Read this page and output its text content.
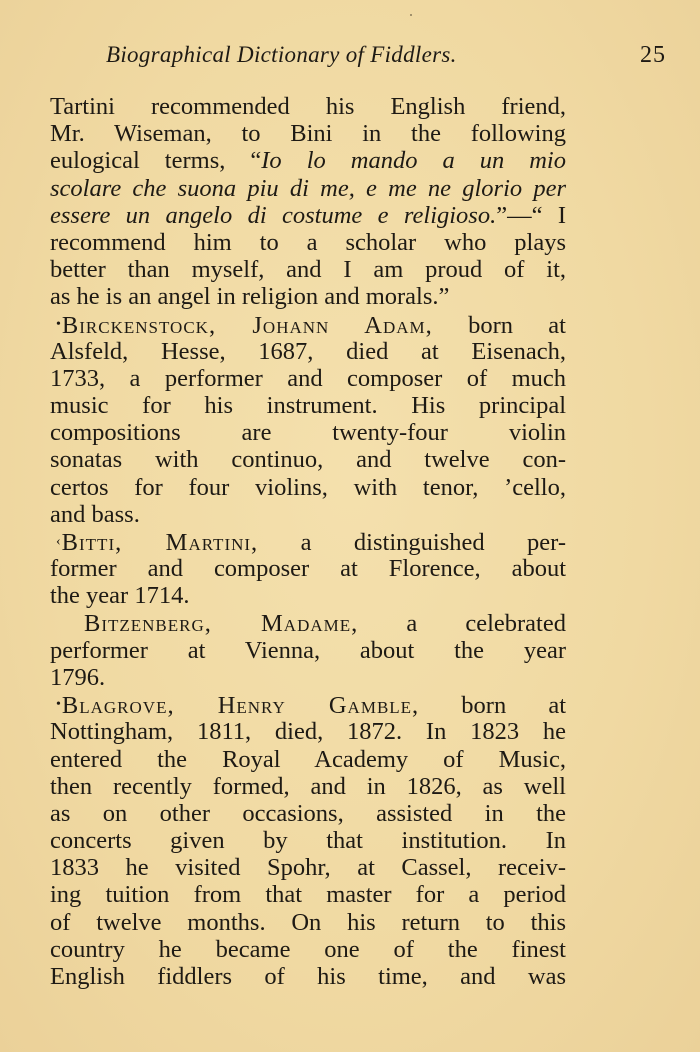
Biographical Dictionary of Fiddlers.	25
Tartini recommended his English friend,
Mr. Wiseman, to Bini in the following
eulogical terms, “Io lo mando a un mio
scolare che suona piu di me, e me ne glorio per
essere un angelo di costume e religioso.”—“ I
recommend him to a scholar who plays
better than myself, and I am proud of it,
as he is an angel in religion and morals.”
•Birckenstock, Johann Adam, born at
Alsfeld, Hesse, 1687, died at Eisenach,
1733, a performer and composer of much
music for his instrument. His principal
compositions are twenty-four violin
sonatas with continuo, and twelve con-
certos for four violins, with tenor, ’cello,
and bass.
‹Bitti, Martini, a distinguished per-
former and composer at Florence, about
the year 1714.
Bitzenberg, Madame, a celebrated
performer at Vienna, about the year
1796.
•Blagrove, Henry Gamble, born at
Nottingham, 1811, died, 1872. In 1823 he
entered the Royal Academy of Music,
then recently formed, and in 1826, as well
as on other occasions, assisted in the
concerts given by that institution. In
1833 he visited Spohr, at Cassel, receiv-
ing tuition from that master for a period
of twelve months. On his return to this
country he became one of the finest
English fiddlers of his time, and was
